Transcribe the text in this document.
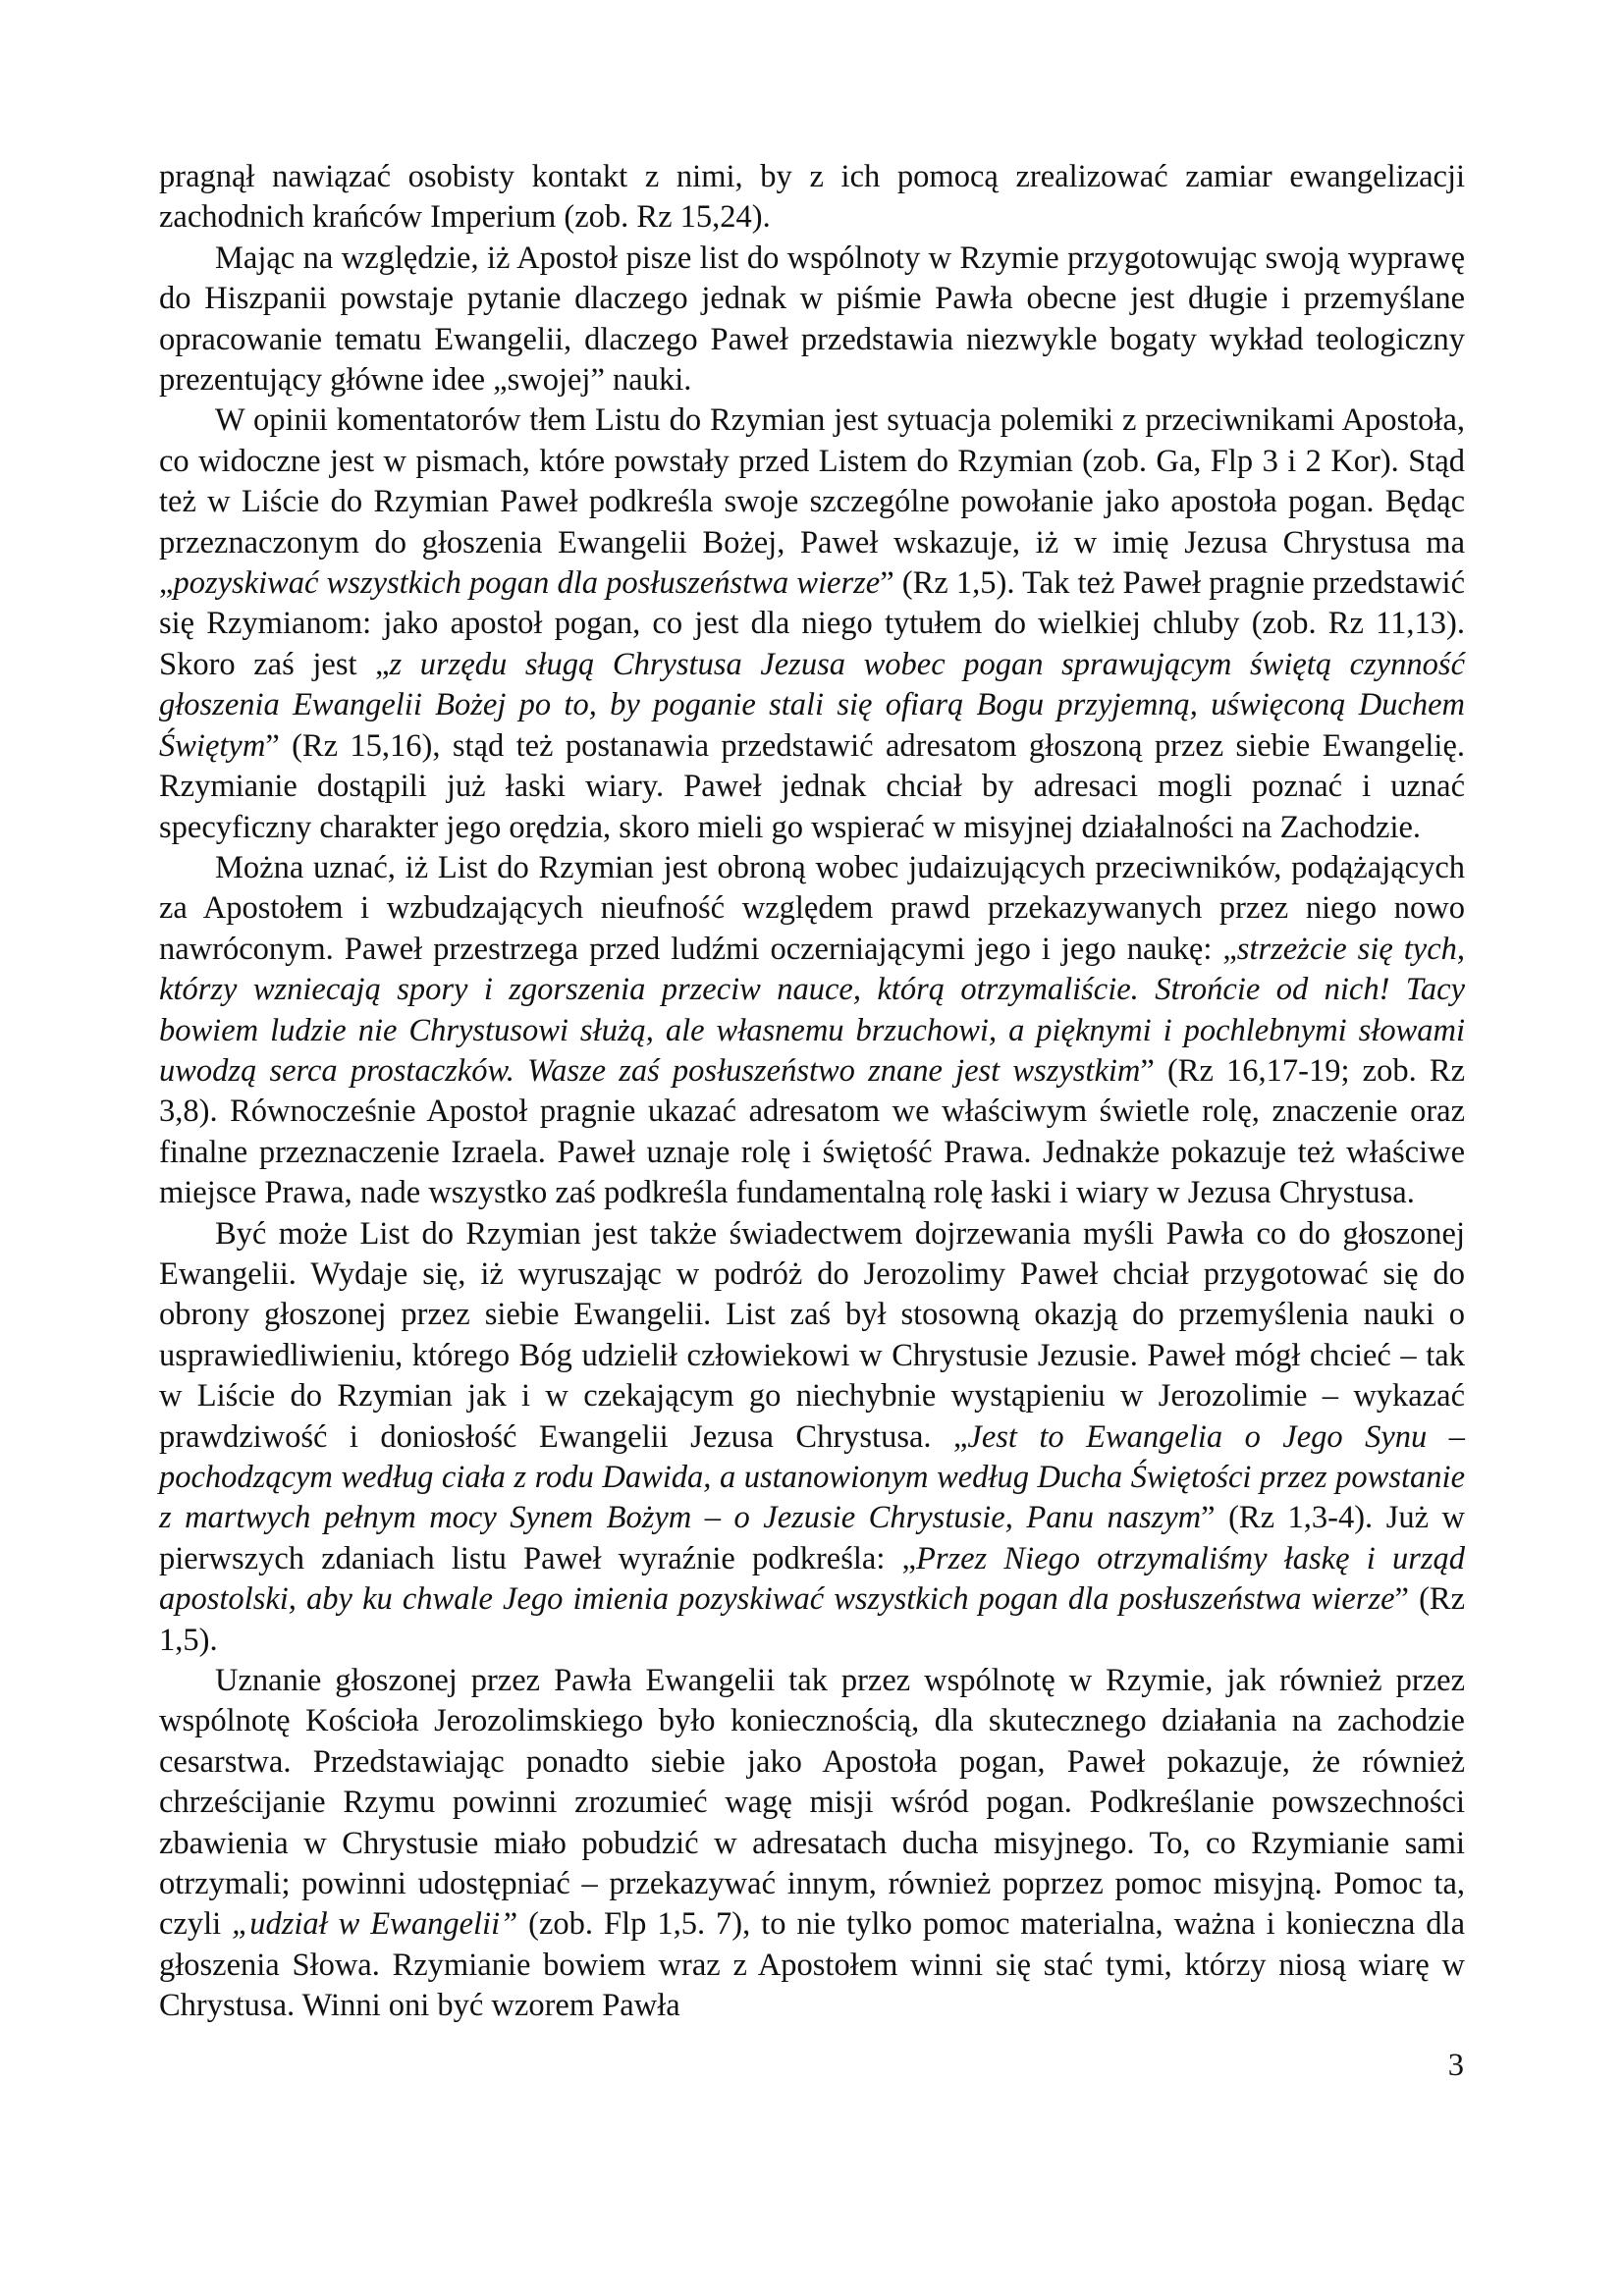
pragnął nawiązać osobisty kontakt z nimi, by z ich pomocą zrealizować zamiar ewangelizacji zachodnich krańców Imperium (zob. Rz 15,24).

Mając na względzie, iż Apostoł pisze list do wspólnoty w Rzymie przygotowując swoją wyprawę do Hiszpanii powstaje pytanie dlaczego jednak w piśmie Pawła obecne jest długie i przemyślane opracowanie tematu Ewangelii, dlaczego Paweł przedstawia niezwykle bogaty wykład teologiczny prezentujący główne idee „swojej” nauki.

W opinii komentatorów tłem Listu do Rzymian jest sytuacja polemiki z przeciwnikami Apostoła, co widoczne jest w pismach, które powstały przed Listem do Rzymian (zob. Ga, Flp 3 i 2 Kor). Stąd też w Liście do Rzymian Paweł podkreśla swoje szczególne powołanie jako apostoła pogan. Będąc przeznaczonym do głoszenia Ewangelii Bożej, Paweł wskazuje, iż w imię Jezusa Chrystusa ma „pozyskiwać wszystkich pogan dla posłuszeństwa wierze” (Rz 1,5). Tak też Paweł pragnie przedstawić się Rzymianom: jako apostoł pogan, co jest dla niego tytułem do wielkiej chluby (zob. Rz 11,13). Skoro zaś jest „z urzędu sługą Chrystusa Jezusa wobec pogan sprawującym świętą czynność głoszenia Ewangelii Bożej po to, by poganie stali się ofiarą Bogu przyjemną, uświęconą Duchem Świętym” (Rz 15,16), stąd też postanawia przedstawić adresatom głoszoną przez siebie Ewangelię. Rzymianie dostąpili już łaski wiary. Paweł jednak chciał by adresaci mogli poznać i uznać specyficzny charakter jego orędzia, skoro mieli go wspierać w misyjnej działalności na Zachodzie.

Można uznać, iż List do Rzymian jest obroną wobec judaizujących przeciwników, podążających za Apostołem i wzbudzających nieufność względem prawd przekazywanych przez niego nowo nawróconym. Paweł przestrzega przed ludźmi oczerniającymi jego i jego naukę: „strzeżcie się tych, którzy wzniecają spory i zgorszenia przeciw nauce, którą otrzymaliście. Strońcie od nich! Tacy bowiem ludzie nie Chrystusowi służą, ale własnemu brzuchowi, a pięknymi i pochlebnymi słowami uwodzą serca prostaczków. Wasze zaś posłuszeństwo znane jest wszystkim” (Rz 16,17-19; zob. Rz 3,8). Równocześnie Apostoł pragnie ukazać adresatom we właściwym świetle rolę, znaczenie oraz finalne przeznaczenie Izraela. Paweł uznaje rolę i świętość Prawa. Jednakże pokazuje też właściwe miejsce Prawa, nade wszystko zaś podkreśla fundamentalną rolę łaski i wiary w Jezusa Chrystusa.

Być może List do Rzymian jest także świadectwem dojrzewania myśli Pawła co do głoszonej Ewangelii. Wydaje się, iż wyruszając w podróż do Jerozolimy Paweł chciał przygotować się do obrony głoszonej przez siebie Ewangelii. List zaś był stosowną okazją do przemyślenia nauki o usprawiedliwieniu, którego Bóg udzielił człowiekowi w Chrystusie Jezusie. Paweł mógł chcieć – tak w Liście do Rzymian jak i w czekającym go niechybnie wystąpieniu w Jerozolimie – wykazać prawdziwość i doniosłość Ewangelii Jezusa Chrystusa. „Jest to Ewangelia o Jego Synu – pochodzącym według ciała z rodu Dawida, a ustanowionym według Ducha Świętości przez powstanie z martwych pełnym mocy Synem Bożym – o Jezusie Chrystusie, Panu naszym” (Rz 1,3-4). Już w pierwszych zdaniach listu Paweł wyraźnie podkreśla: „Przez Niego otrzymaliśmy łaskę i urząd apostolski, aby ku chwale Jego imienia pozyskiwać wszystkich pogan dla posłuszeństwa wierze” (Rz 1,5).

Uznanie głoszonej przez Pawła Ewangelii tak przez wspólnotę w Rzymie, jak również przez wspólnotę Kościoła Jerozolimskiego było koniecznością, dla skutecznego działania na zachodzie cesarstwa. Przedstawiając ponadto siebie jako Apostoła pogan, Paweł pokazuje, że również chrześcijanie Rzymu powinni zrozumieć wagę misji wśród pogan. Podkreślanie powszechności zbawienia w Chrystusie miało pobudzić w adresatach ducha misyjnego. To, co Rzymianie sami otrzymali; powinni udostępniać – przekazywać innym, również poprzez pomoc misyjną. Pomoc ta, czyli „udział w Ewangelii” (zob. Flp 1,5. 7), to nie tylko pomoc materialna, ważna i konieczna dla głoszenia Słowa. Rzymianie bowiem wraz z Apostołem winni się stać tymi, którzy niosą wiarę w Chrystusa. Winni oni być wzorem Pawła

3
